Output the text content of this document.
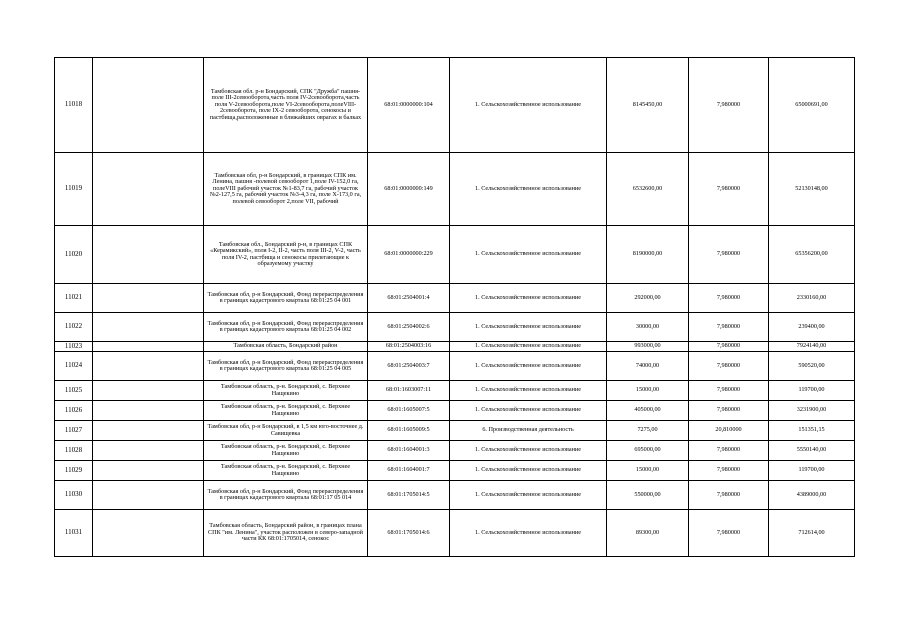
11018		Тамбовская обл. р-н Бондарский, СПК "Дружба" пашня-поле III-2севооборота,часть поля IV-2севооборота,часть поля V-2севооборота,поле VI-2севооборота,полеVIII-2севооборота, поле IX-2 севооборота, сенокосы и пастбища,расположенные в ближайших оврагах и балках	68:01:0000000:104	1. Сельскохозяйственное использование	8145450,00	7,980000	65000691,00
11019		Тамбовская обл, р-н Бондарский, в границах СПК им. Ленина, пашня -полевой севооборот 1,поле IV-152,0 га, полеVIII рабочий участок №1-83,7 га, рабочий участок №2-127,5 га, рабочий участок №3-4,3 га, поле X-173,0 га, полевой севооборот 2,поле VII, рабочий	68:01:0000000:149	1. Сельскохозяйственное использование	6532600,00	7,980000	52130148,00
11020		Тамбовская обл., Бондарский р-н, в границах СПК «Керамикский», поля I-2, II-2, часть поля III-2, V-2, часть поля IV-2, пастбища и сенокосы прилегающие к образуемому участку	68:01:0000000:229	1. Сельскохозяйственное использование	8190000,00	7,980000	65356200,00
11021		Тамбовская обл, р-н Бондарский, Фонд перераспределения в границах кадастрового квартала 68:01:25 04 001	68:01:2504001:4	1. Сельскохозяйственное использование	292000,00	7,980000	2330160,00
11022		Тамбовская обл, р-н Бондарский, Фонд перераспределения в границах кадастрового квартала 68:01:25 04 002	68:01:2504002:6	1. Сельскохозяйственное использование	30000,00	7,980000	239400,00
11023		Тамбовская область, Бондарский район	68:01:2504003:16	1. Сельскохозяйственное использование	993000,00	7,980000	7924140,00
11024		Тамбовская обл, р-н Бондарский, Фонд перераспределения в границах кадастрового квартала 68:01:25 04 005	68:01:2504003:7	1. Сельскохозяйственное использование	74000,00	7,980000	590520,00
11025		Тамбовская область, р-н. Бондарский, с. Верхнее Нащекино	68:01:1603007:11	1. Сельскохозяйственное использование	15000,00	7,980000	119700,00
11026		Тамбовская область, р-н. Бондарский, с. Верхнее Нащекино	68:01:1605007:5	1. Сельскохозяйственное использование	405000,00	7,980000	3231900,00
11027		Тамбовская обл, р-н Бондарский, в 1,5 км юго-восточнее д. Савищевка	68:01:1605009:5	6. Производственная деятельность	7275,00	20,810000	151351,15
11028		Тамбовская область, р-н. Бондарский, с. Верхнее Нащекино	68:01:1604001:3	1. Сельскохозяйственное использование	695000,00	7,980000	5550140,00
11029		Тамбовская область, р-н. Бондарский, с. Верхнее Нащекино	68:01:1604001:7	1. Сельскохозяйственное использование	15000,00	7,980000	119700,00
11030		Тамбовская обл, р-н Бондарский, Фонд перераспределения в границах кадастрового квартала 68:01:17 05 014	68:01:1705014:5	1. Сельскохозяйственное использование	550000,00	7,980000	4389000,00
11031		Тамбовская область, Бондарский район, в границах плана СПК "им. Ленина", участок расположен в северо-западной части КК 68:01:1705014, сенокос	68:01:1705014:6	1. Сельскохозяйственное использование	89300,00	7,980000	712614,00
